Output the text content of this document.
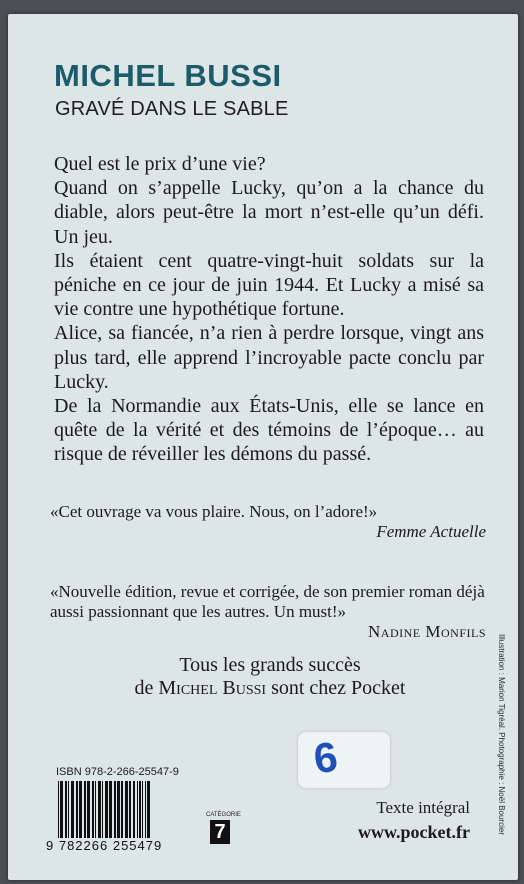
MICHEL BUSSI
GRAVÉ DANS LE SABLE

Quel est le prix d’une vie?

Quand on s’appelle Lucky, qu’on a la chance du diable, alors peut-être la mort n’est-elle qu’un défi. Un jeu.

Ils étaient cent quatre-vingt-huit soldats sur la péniche en ce jour de juin 1944. Et Lucky a misé sa vie contre une hypothétique fortune.

Alice, sa fiancée, n’a rien à perdre lorsque, vingt ans plus tard, elle apprend l’incroyable pacte conclu par Lucky.

De la Normandie aux États-Unis, elle se lance en quête de la vérité et des témoins de l’époque… au risque de réveiller les démons du passé.

«Cet ouvrage va vous plaire. Nous, on l’adore!»
Femme Actuelle
«Nouvelle édition, revue et corrigée, de son premier roman déjà aussi passionnant que les autres. Un must!»
Nadine Monfils
Tous les grands succès
de Michel Bussi sont chez Pocket
ISBN 978-2-266-25547-9
9 782266 255479
CATÉGORIE
7
6
Texte intégral
www.pocket.fr	Illustration : Marion Tigréal. Photographie : Noël Bourcier
